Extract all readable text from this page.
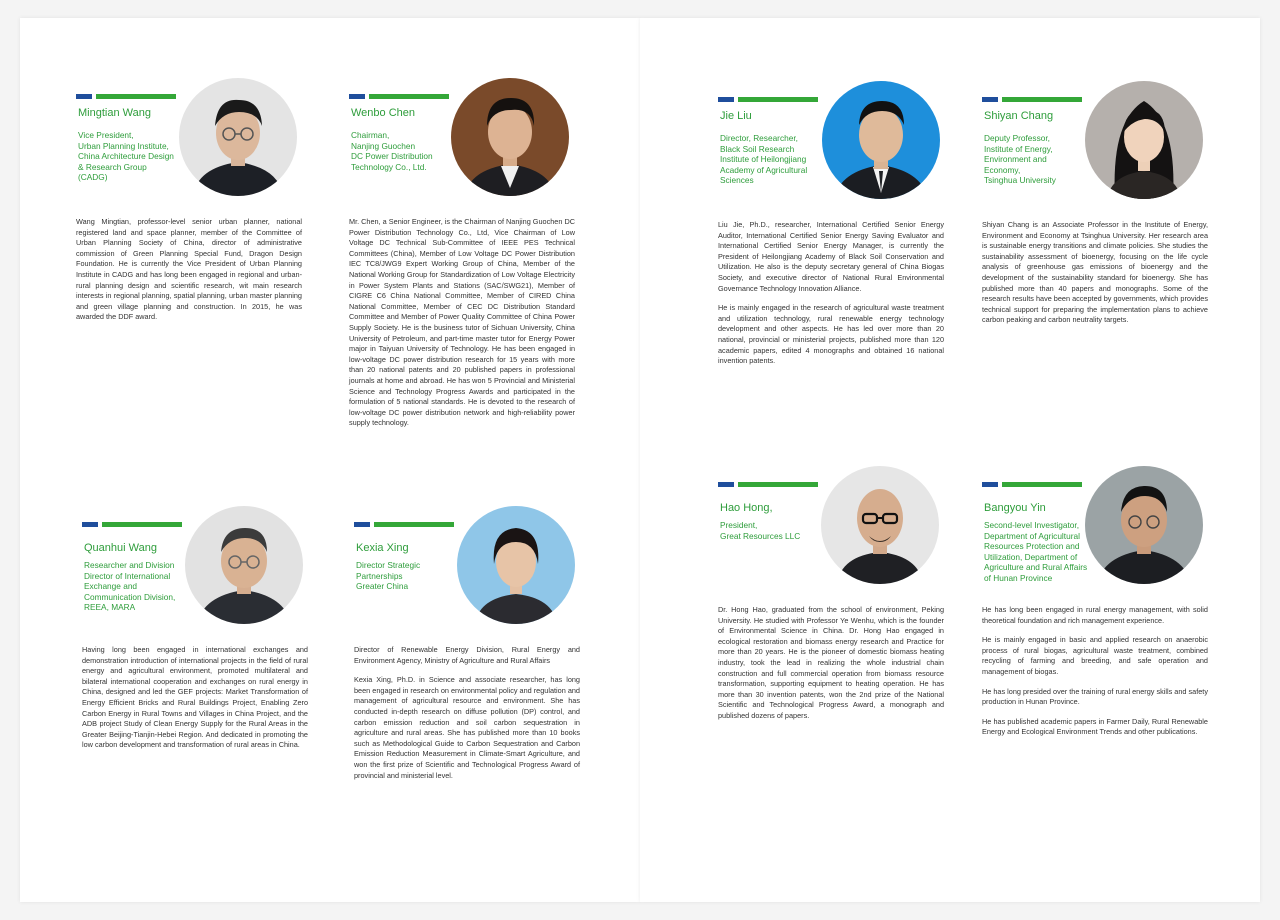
Mingtian Wang
Vice President,
Urban Planning Institute,
China Architecture Design
& Research Group
(CADG)

Wang Mingtian, professor-level senior urban planner, national registered land and space planner, member of the Committee of Urban Planning Society of China, director of administrative commission of Green Planning Special Fund, Dragon Design Foundation. He is currently the Vice President of Urban Planning Institute in CADG and has long been engaged in regional and urban-rural planning design and scientific research, wit main research interests in regional planning, spatial planning, urban master planning and green village planning and construction. In 2015, he was awarded the DDF award.

Wenbo Chen
Chairman,
Nanjing Guochen
DC Power Distribution
Technology Co., Ltd.

Mr. Chen, a Senior Engineer, is the Chairman of Nanjing Guochen DC Power Distribution Technology Co., Ltd, Vice Chairman of Low Voltage DC Technical Sub-Committee of IEEE PES Technical Committees (China), Member of Low Voltage DC Power Distribution IEC TC8/JWG9 Expert Working Group of China, Member of the National Working Group for Standardization of Low Voltage Electricity in Power System Plants and Stations (SAC/SWG21), Member of CIGRE C6 China National Committee, Member of CIRED China National Committee, Member of CEC DC Distribution Standard Committee and Member of Power Quality Committee of China Power Supply Society. He is the business tutor of Sichuan University, China University of Petroleum, and part-time master tutor for Energy Power major in Taiyuan University of Technology. He has been engaged in low-voltage DC power distribution research for 15 years with more than 20 national patents and 20 published papers in professional journals at home and abroad. He has won 5 Provincial and Ministerial Science and Technology Progress Awards and participated in the formulation of 5 national standards. He is devoted to the research of low-voltage DC power distribution network and high-reliability power supply technology.

Quanhui Wang
Researcher and Division
Director of International
Exchange and
Communication Division,
REEA, MARA

Having long been engaged in international exchanges and demonstration introduction of international projects in the field of rural energy and agricultural environment, promoted multilateral and bilateral international cooperation and exchanges on rural energy in China, designed and led the GEF projects: Market Transformation of Energy Efficient Bricks and Rural Buildings Project, Enabling Zero Carbon Energy in Rural Towns and Villages in China Project, and the ADB project Study of Clean Energy Supply for the Rural Areas in the Greater Beijing-Tianjin-Hebei Region. And dedicated in promoting the low carbon development and transformation of rural areas in China.

Kexia Xing
Director Strategic
Partnerships
Greater China

Director of Renewable Energy Division, Rural Energy and Environment Agency, Ministry of Agriculture and Rural Affairs

Kexia Xing, Ph.D. in Science and associate researcher, has long been engaged in research on environmental policy and regulation and management of agricultural resource and environment. She has conducted in-depth research on diffuse pollution (DP) control, and carbon emission reduction and soil carbon sequestration in agriculture and rural areas. She has published more than 10 books such as Methodological Guide to Carbon Sequestration and Carbon Emission Reduction Measurement in Climate-Smart Agriculture, and won the first prize of Scientific and Technological Progress Award of provincial and ministerial level.

Jie Liu
Director, Researcher,
Black Soil Research
Institute of Heilongjiang
Academy of Agricultural
Sciences

Liu Jie, Ph.D., researcher, International Certified Senior Energy Auditor, International Certified Senior Energy Saving Evaluator and International Certified Senior Energy Manager, is currently the President of Heilongjiang Academy of Black Soil Conservation and Utilization. He also is the deputy secretary general of China Biogas Society, and executive director of National Rural Environmental Governance Technology Innovation Alliance.

He is mainly engaged in the research of agricultural waste treatment and utilization technology, rural renewable energy technology development and other aspects. He has led over more than 20 national, provincial or ministerial projects, published more than 120 academic papers, edited 4 monographs and obtained 16 national invention patents.

Shiyan Chang
Deputy Professor,
Institute of Energy,
Environment and
Economy,
Tsinghua University

Shiyan Chang is an Associate Professor in the Institute of Energy, Environment and Economy at Tsinghua University. Her research area is sustainable energy transitions and climate policies. She studies the sustainability assessment of bioenergy, focusing on the life cycle analysis of greenhouse gas emissions of bioenergy and the development of the sustainability standard for bioenergy. She has published more than 40 papers and monographs. Some of the research results have been accepted by governments, which provides technical support for preparing the implementation plans to achieve carbon peaking and carbon neutrality targets.

Hao Hong,
President,
Great Resources LLC

Dr. Hong Hao, graduated from the school of environment, Peking University. He studied with Professor Ye Wenhu, which is the founder of Environmental Science in China. Dr. Hong Hao engaged in ecological restoration and biomass energy research and Practice for more than 20 years. He is the pioneer of domestic biomass heating industry, took the lead in realizing the whole industrial chain construction and full commercial operation from biomass resource transformation, supporting equipment to heating operation. He has more than 30 invention patents, won the 2nd prize of the National Scientific and Technological Progress Award, a monograph and published dozens of papers.

Bangyou Yin
Second-level Investigator,
Department of Agricultural
Resources Protection and
Utilization, Department of
Agriculture and Rural Affairs
of Hunan Province

He has long been engaged in rural energy management, with solid theoretical foundation and rich management experience.

He is mainly engaged in basic and applied research on anaerobic process of rural biogas, agricultural waste treatment, combined recycling of farming and breeding, and safe operation and management of biogas.

He has long presided over the training of rural energy skills and safety production in Hunan Province.

He has published academic papers in Farmer Daily, Rural Renewable Energy and Ecological Environment Trends and other publications.
